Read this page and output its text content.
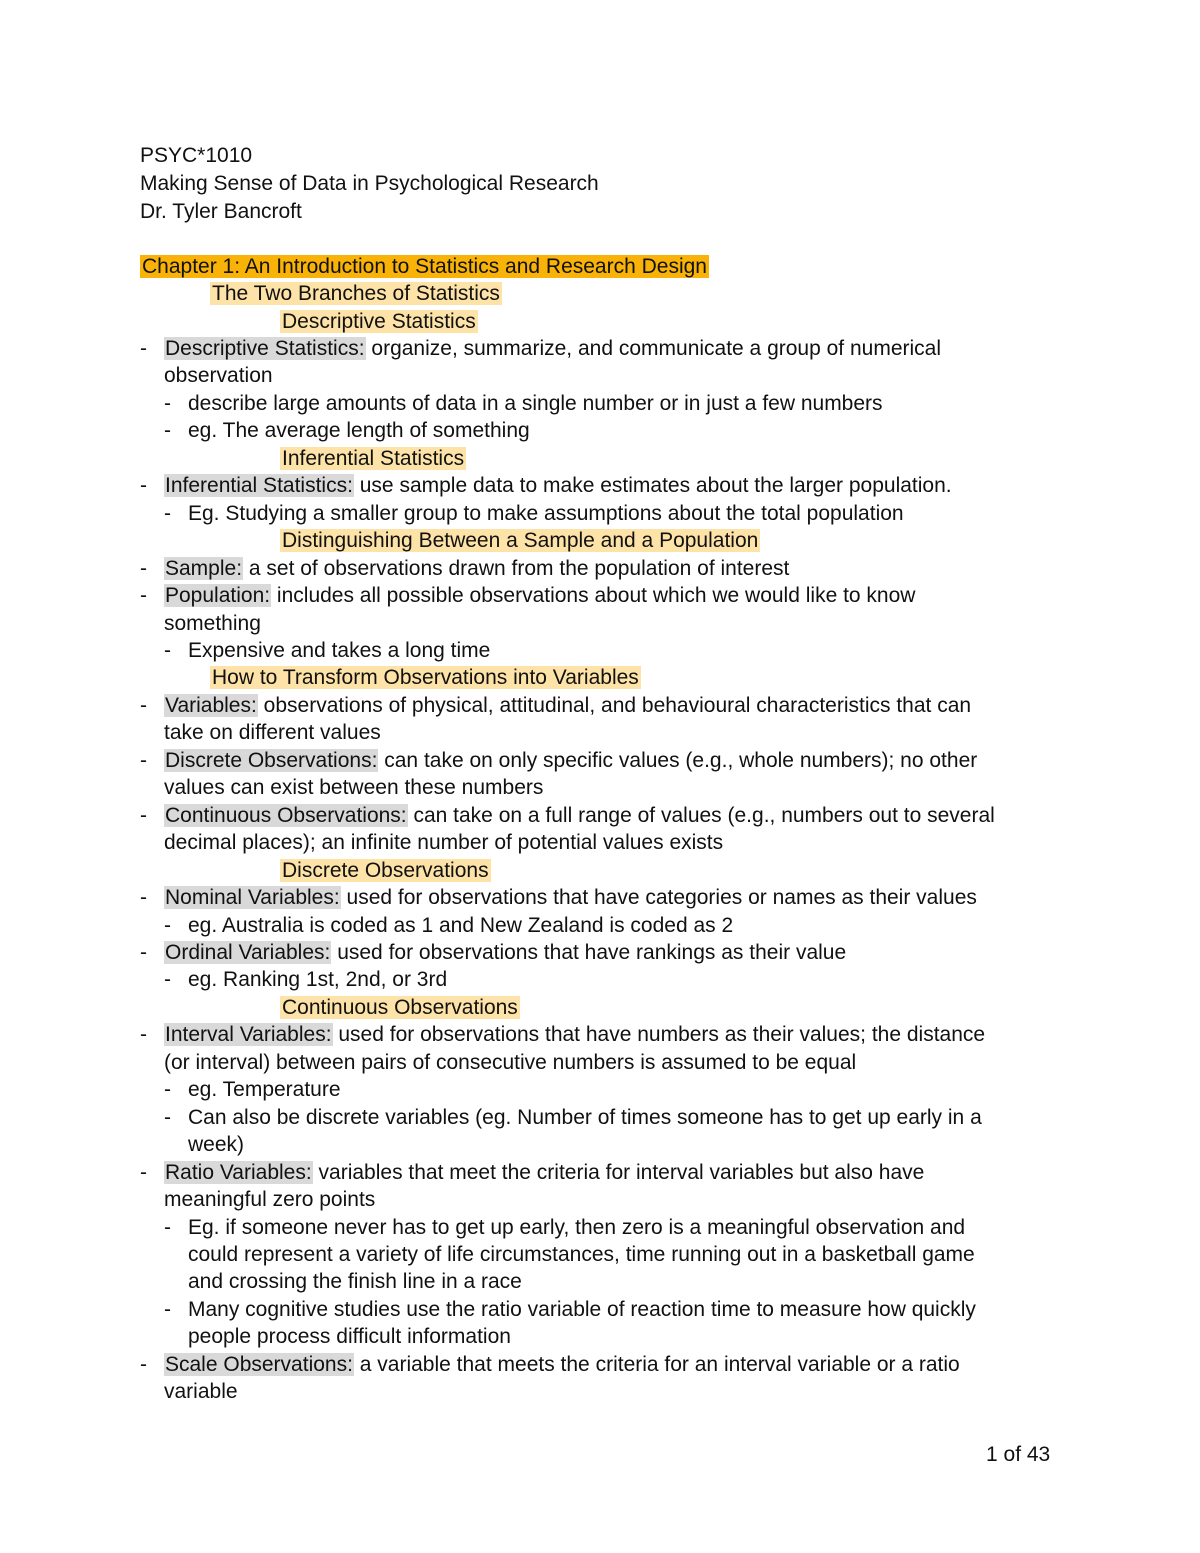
PSYC*1010
Making Sense of Data in Psychological Research
Dr. Tyler Bancroft
Chapter 1: An Introduction to Statistics and Research Design
The Two Branches of Statistics
Descriptive Statistics
- Descriptive Statistics: organize, summarize, and communicate a group of numerical
observation
- describe large amounts of data in a single number or in just a few numbers
- eg. The average length of something
Inferential Statistics
- Inferential Statistics: use sample data to make estimates about the larger population.
- Eg. Studying a smaller group to make assumptions about the total population
Distinguishing Between a Sample and a Population
- Sample: a set of observations drawn from the population of interest
- Population: includes all possible observations about which we would like to know
something
- Expensive and takes a long time
How to Transform Observations into Variables
- Variables: observations of physical, attitudinal, and behavioural characteristics that can
take on different values
- Discrete Observations: can take on only specific values (e.g., whole numbers); no other
values can exist between these numbers
- Continuous Observations: can take on a full range of values (e.g., numbers out to several
decimal places); an infinite number of potential values exists
Discrete Observations
- Nominal Variables: used for observations that have categories or names as their values
- eg. Australia is coded as 1 and New Zealand is coded as 2
- Ordinal Variables: used for observations that have rankings as their value
- eg. Ranking 1st, 2nd, or 3rd
Continuous Observations
- Interval Variables: used for observations that have numbers as their values; the distance
(or interval) between pairs of consecutive numbers is assumed to be equal
- eg. Temperature
- Can also be discrete variables (eg. Number of times someone has to get up early in a
week)
- Ratio Variables: variables that meet the criteria for interval variables but also have
meaningful zero points
- Eg. if someone never has to get up early, then zero is a meaningful observation and
could represent a variety of life circumstances, time running out in a basketball game
and crossing the finish line in a race
- Many cognitive studies use the ratio variable of reaction time to measure how quickly
people process difficult information
- Scale Observations: a variable that meets the criteria for an interval variable or a ratio
variable
1 of 43
